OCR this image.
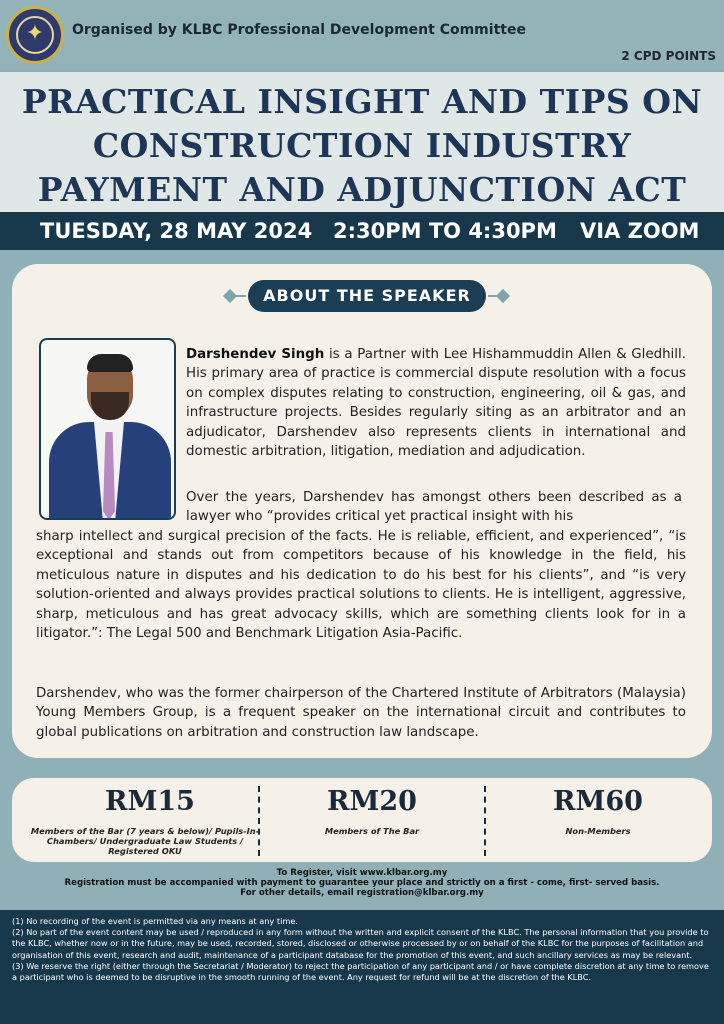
✦	Organised by KLBC Professional Development Committee
2 CPD POINTS
PRACTICAL INSIGHT AND TIPS ON
CONSTRUCTION INDUSTRY
PAYMENT AND ADJUNCTION ACT
TUESDAY, 28 MAY 2024 2:30PM TO 4:30PM VIA ZOOM
ABOUT THE SPEAKER
Darshendev Singh is a Partner with Lee Hishammuddin Allen & Gledhill. His primary area of practice is commercial dispute resolution with a focus on complex disputes relating to construction, engineering, oil & gas, and infrastructure projects. Besides regularly siting as an arbitrator and an adjudicator, Darshendev also represents clients in international and domestic arbitration, litigation, mediation and adjudication.
Over the years, Darshendev has amongst others been described as a lawyer who “provides critical yet practical insight with his
sharp intellect and surgical precision of the facts. He is reliable, efficient, and experienced”, “is exceptional and stands out from competitors because of his knowledge in the field, his meticulous nature in disputes and his dedication to do his best for his clients”, and “is very solution-oriented and always provides practical solutions to clients. He is intelligent, aggressive, sharp, meticulous and has great advocacy skills, which are something clients look for in a litigator.”: The Legal 500 and Benchmark Litigation Asia-Pacific.
Darshendev, who was the former chairperson of the Chartered Institute of Arbitrators (Malaysia) Young Members Group, is a frequent speaker on the international circuit and contributes to global publications on arbitration and construction law landscape.
RM15
Members of the Bar (7 years & below)/ Pupils-In-Chambers/ Undergraduate Law Students / Registered OKU
RM20
Members of The Bar
RM60
Non-Members
To Register, visit www.klbar.org.my
Registration must be accompanied with payment to guarantee your place and strictly on a first - come, first- served basis.
For other details, email registration@klbar.org.my
(1) No recording of the event is permitted via any means at any time.
(2) No part of the event content may be used / reproduced in any form without the written and explicit consent of the KLBC. The personal information that you provide to the KLBC, whether now or in the future, may be used, recorded, stored, disclosed or otherwise processed by or on behalf of the KLBC for the purposes of facilitation and organisation of this event, research and audit, maintenance of a participant database for the promotion of this event, and such ancillary services as may be relevant.
(3) We reserve the right (either through the Secretariat / Moderator) to reject the participation of any participant and / or have complete discretion at any time to remove a participant who is deemed to be disruptive in the smooth running of the event. Any request for refund will be at the discretion of the KLBC.
